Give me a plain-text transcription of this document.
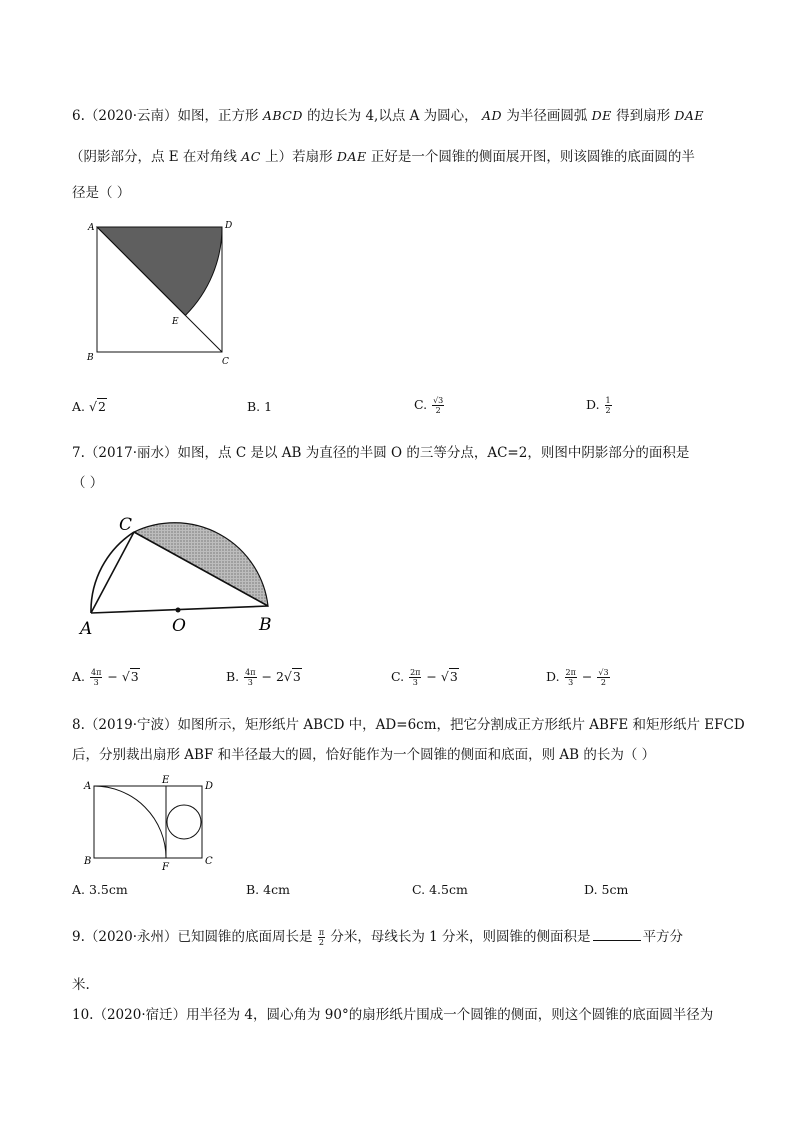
6.（2020·云南）如图，正方形 ABCD 的边长为 4,以点 A 为圆心， AD 为半径画圆弧 DE 得到扇形 DAE
（阴影部分，点 E 在对角线 AC 上）若扇形 DAE 正好是一个圆锥的侧面展开图，则该圆锥的底面圆的半
径是（ ）
A	D
B	C
E
A. √2	B. 1	C. $\frac{√3}{2}$	D. $\frac{1}{2}$
7.（2017·丽水）如图，点 C 是以 AB 为直径的半圆 O 的三等分点，AC=2，则图中阴影部分的面积是
（ ）
C
A	O	B
A. $\frac{4\pi}{3} - √3$	B. $\frac{4\pi}{3} - 2√3$	C. $\frac{2\pi}{3} - √3$	D. $\frac{2\pi}{3} - \frac{√3}{2}$
8.（2019·宁波）如图所示，矩形纸片 ABCD 中，AD=6cm，把它分割成正方形纸片 ABFE 和矩形纸片 EFCD
后，分别裁出扇形 ABF 和半径最大的圆，恰好能作为一个圆锥的侧面和底面，则 AB 的长为（ ）
A
E
D
B
F
C
A. 3.5cm	B. 4cm	C. 4.5cm	D. 5cm
9.（2020·永州）已知圆锥的底面周长是 $\frac{\pi}{2}$ 分米，母线长为 1 分米，则圆锥的侧面积是	平方分
米.
10.（2020·宿迁）用半径为 4，圆心角为 90°的扇形纸片围成一个圆锥的侧面，则这个圆锥的底面圆半径为
